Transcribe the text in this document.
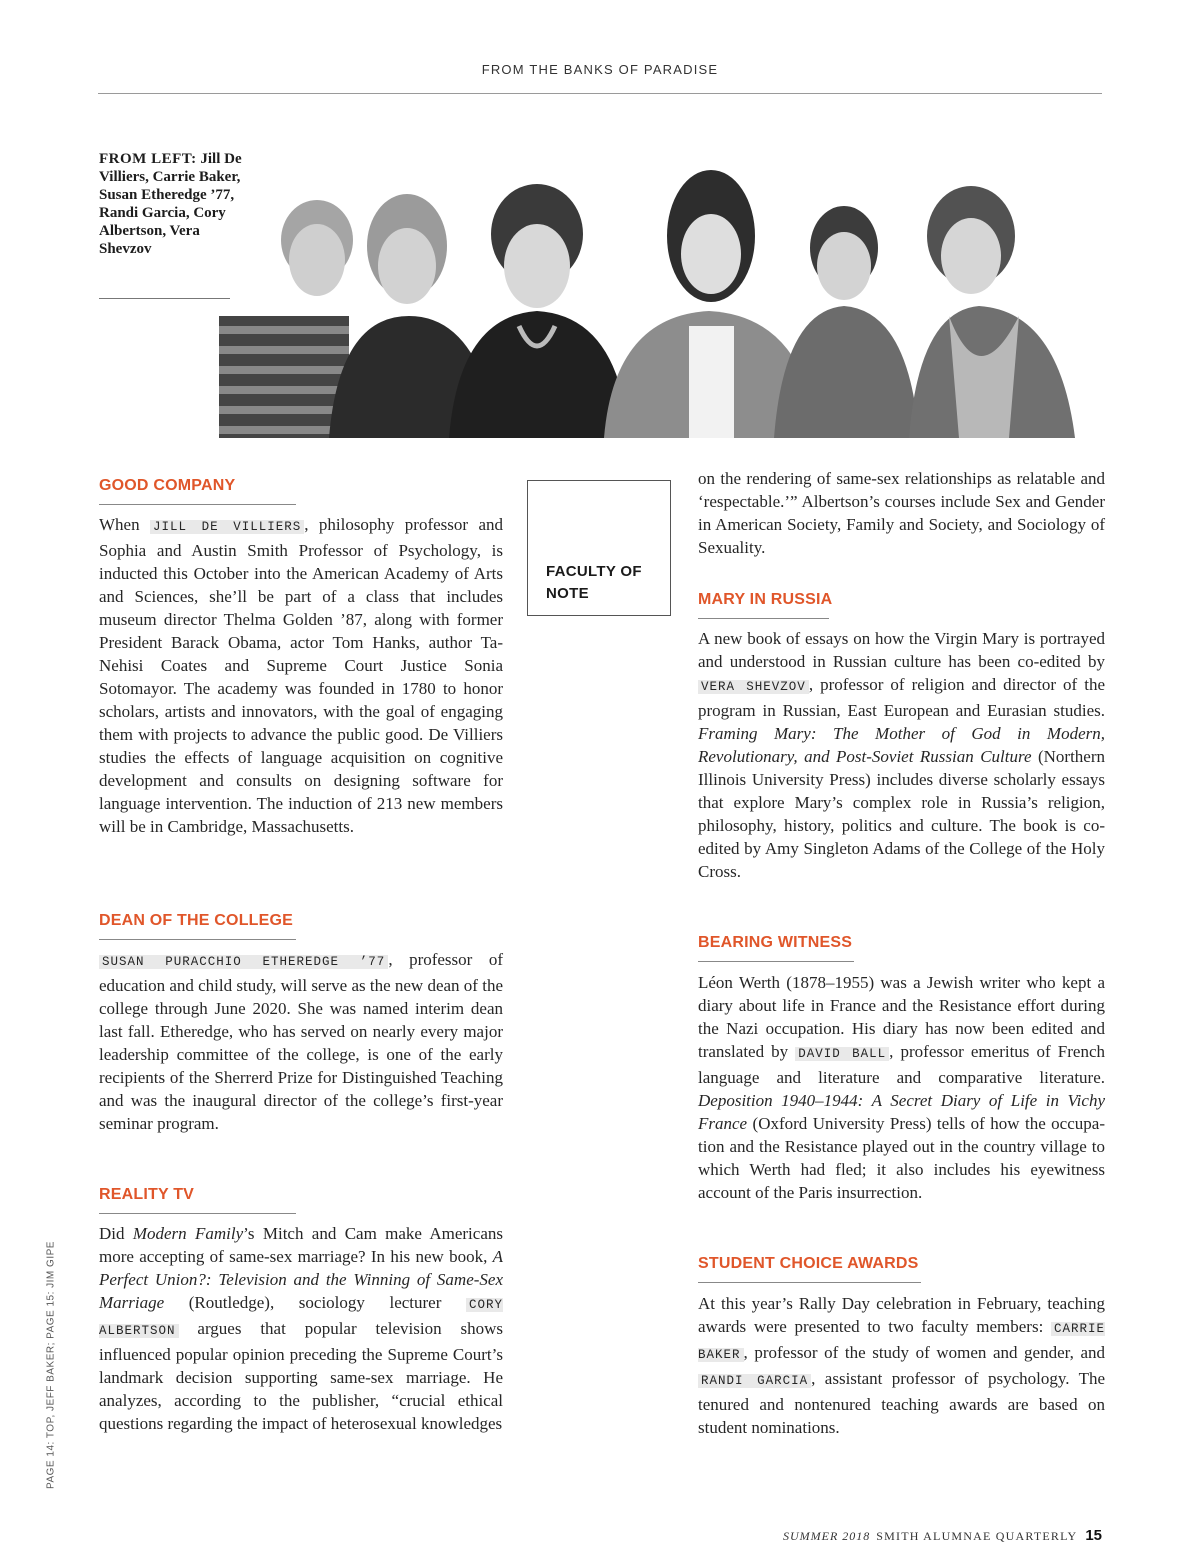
FROM THE BANKS OF PARADISE
FROM LEFT: Jill De Villiers, Carrie Baker, Susan Etheredge ’77, Randi Garcia, Cory Albertson, Vera Shevzov
FACULTY OF NOTE
GOOD COMPANY

When JILL DE VILLIERS , philosophy professor and Sophia and Austin Smith Professor of Psychology, is inducted this October into the American Academy of Arts and Sciences, she’ll be part of a class that includes museum director Thelma Golden ’87, along with former President Barack Obama, actor Tom Hanks, author Ta-Nehisi Coates and Supreme Court Justice Sonia Sotomayor. The academy was founded in 1780 to honor scholars, artists and innovators, with the goal of engaging them with projects to advance the public good. De Villiers studies the effects of language acquisition on cognitive development and consults on designing software for language intervention. The induction of 213 new members will be in Cambridge, Massachusetts.

DEAN OF THE COLLEGE

SUSAN PURACCHIO ETHEREDGE ’77 , professor of education and child study, will serve as the new dean of the college through June 2020. She was named interim dean last fall. Etheredge, who has served on nearly every major leadership committee of the college, is one of the early recipients of the Sherrerd Prize for Distinguished Teaching and was the inaugural director of the college’s first-year seminar program.

REALITY TV

Did Modern Family’s Mitch and Cam make Americans more accepting of same-sex marriage? In his new book, A Perfect Union?: Television and the Winning of Same-Sex Marriage (Routledge), sociology lecturer CORY ALBERTSON argues that popular television shows influenced popular opinion preceding the Supreme Court’s landmark decision supporting same-sex marriage. He analyzes, according to the publisher, “crucial ethical questions regarding the impact of heterosexual knowledges

on the rendering of same-sex relationships as relatable and ‘respectable.’” Albertson’s courses include Sex and Gender in American Society, Family and Society, and Sociology of Sexuality.

MARY IN RUSSIA

A new book of essays on how the Virgin Mary is portrayed and understood in Russian culture has been co-edited by VERA SHEVZOV , professor of religion and director of the program in Russian, East European and Eurasian studies. Framing Mary: The Mother of God in Modern, Revolutionary, and Post-Soviet Russian Culture (Northern Illinois University Press) includes diverse scholarly essays that explore Mary’s complex role in Russia’s religion, philosophy, history, politics and culture. The book is co-edited by Amy Singleton Adams of the College of the Holy Cross.

BEARING WITNESS

Léon Werth (1878–1955) was a Jewish writer who kept a diary about life in France and the Resistance effort during the Nazi occupation. His diary has now been edited and translated by DAVID BALL , professor emeritus of French language and literature and comparative literature. Deposition 1940–1944: A Secret Diary of Life in Vichy France (Oxford University Press) tells of how the occupation and the Resistance played out in the country village to which Werth had fled; it also includes his eyewitness account of the Paris insurrection.

STUDENT CHOICE AWARDS

At this year’s Rally Day celebration in February, teaching awards were presented to two faculty members: CARRIE BAKER , professor of the study of women and gender, and RANDI GARCIA , assistant professor of psychology. The tenured and nontenured teaching awards are based on student nominations.

PAGE 14: TOP, JEFF BAKER; PAGE 15: JIM GIPE
SUMMER 2018 SMITH ALUMNAE QUARTERLY 15
